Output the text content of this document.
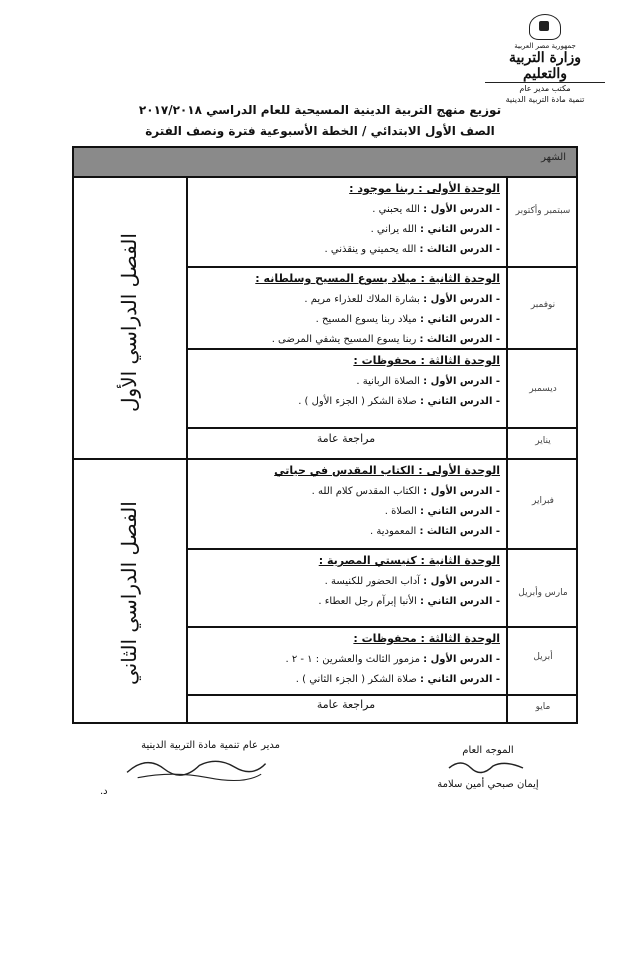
جمهورية مصر العربية
وزارة التربية والتعليم
مكتب مدير عام
تنمية مادة التربية الدينية
توزيع منهج التربية الدينية المسيحية للعام الدراسي ٢٠١٧/٢٠١٨
الصف الأول الابتدائي / الخطة الأسبوعية فترة ونصف الفترة
الشهر
الفصل الدراسي الأول
الفصل الدراسي الثاني
سبتمبر وأكتوبر
نوفمبر
ديسمبر
يناير
فبراير
مارس وأبريل
أبريل
مايو
الوحدة الأولى : ربنا موجود :
- الدرس الأول : الله يحبني .
- الدرس الثاني : الله يراني .
- الدرس الثالث : الله يحميني و ينقذني .
الوحدة الثانية : ميلاد يسوع المسيح وسلطانه :
- الدرس الأول : بشارة الملاك للعذراء مريم .
- الدرس الثاني : ميلاد ربنا يسوع المسيح .
- الدرس الثالث : ربنا يسوع المسيح يشفي المرضى .
الوحدة الثالثة : محفوظات :
- الدرس الأول : الصلاة الربانية .
- الدرس الثاني : صلاة الشكر ( الجزء الأول ) .
مراجعة عامة
الوحدة الأولى : الكتاب المقدس في حياتي
- الدرس الأول : الكتاب المقدس كلام الله .
- الدرس الثاني : الصلاة .
- الدرس الثالث : المعمودية .
الوحدة الثانية : كنيستي المصرية :
- الدرس الأول : آداب الحضور للكنيسة .
- الدرس الثاني : الأنبا إبرآم رجل العطاء .
الوحدة الثالثة : محفوظات :
- الدرس الأول : مزمور الثالث والعشرين : ١ - ٢ .
- الدرس الثاني : صلاة الشكر ( الجزء الثاني ) .
مراجعة عامة
مدير عام تنمية مادة التربية الدينية
د.
الموجه العام
إيمان صبحي أمين سلامة
